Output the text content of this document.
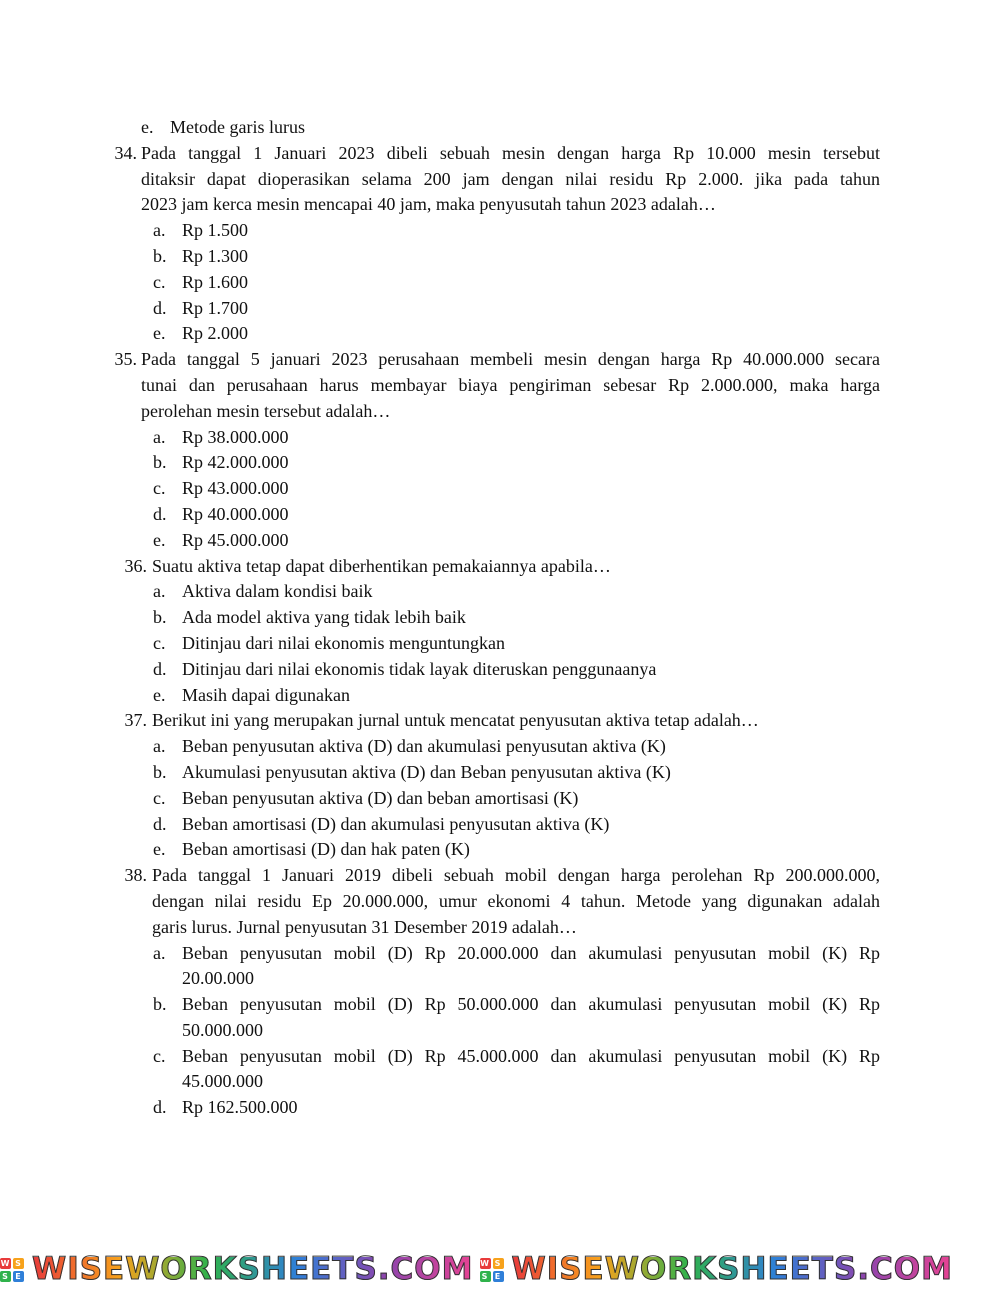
e. Metode garis lurus
34. Pada tanggal 1 Januari 2023 dibeli sebuah mesin dengan harga Rp 10.000 mesin tersebut
ditaksir dapat dioperasikan selama 200 jam dengan nilai residu Rp 2.000. jika pada tahun
2023 jam kerca mesin mencapai 40 jam, maka penyusutah tahun 2023 adalah…
a. Rp 1.500
b. Rp 1.300
c. Rp 1.600
d. Rp 1.700
e. Rp 2.000
35. Pada tanggal 5 januari 2023 perusahaan membeli mesin dengan harga Rp 40.000.000 secara
tunai dan perusahaan harus membayar biaya pengiriman sebesar Rp 2.000.000, maka harga
perolehan mesin tersebut adalah…
a. Rp 38.000.000
b. Rp 42.000.000
c. Rp 43.000.000
d. Rp 40.000.000
e. Rp 45.000.000
36. Suatu aktiva tetap dapat diberhentikan pemakaiannya apabila…
a. Aktiva dalam kondisi baik
b. Ada model aktiva yang tidak lebih baik
c. Ditinjau dari nilai ekonomis menguntungkan
d. Ditinjau dari nilai ekonomis tidak layak diteruskan penggunaanya
e. Masih dapai digunakan
37. Berikut ini yang merupakan jurnal untuk mencatat penyusutan aktiva tetap adalah…
a. Beban penyusutan aktiva (D) dan akumulasi penyusutan aktiva (K)
b. Akumulasi penyusutan aktiva (D) dan Beban penyusutan aktiva (K)
c. Beban penyusutan aktiva (D) dan beban amortisasi (K)
d. Beban amortisasi (D) dan akumulasi penyusutan aktiva (K)
e. Beban amortisasi (D) dan hak paten (K)
38. Pada tanggal 1 Januari 2019 dibeli sebuah mobil dengan harga perolehan Rp 200.000.000,
dengan nilai residu Ep 20.000.000, umur ekonomi 4 tahun. Metode yang digunakan adalah
garis lurus. Jurnal penyusutan 31 Desember 2019 adalah…
a. Beban penyusutan mobil (D) Rp 20.000.000 dan akumulasi penyusutan mobil (K) Rp
20.00.000
b. Beban penyusutan mobil (D) Rp 50.000.000 dan akumulasi penyusutan mobil (K) Rp
50.000.000
c. Beban penyusutan mobil (D) Rp 45.000.000 dan akumulasi penyusutan mobil (K) Rp
45.000.000
d. Rp 162.500.000
W S
S E WISEWORKSHEETS.COM W S
S E WISEWORKSHEETS.COM
